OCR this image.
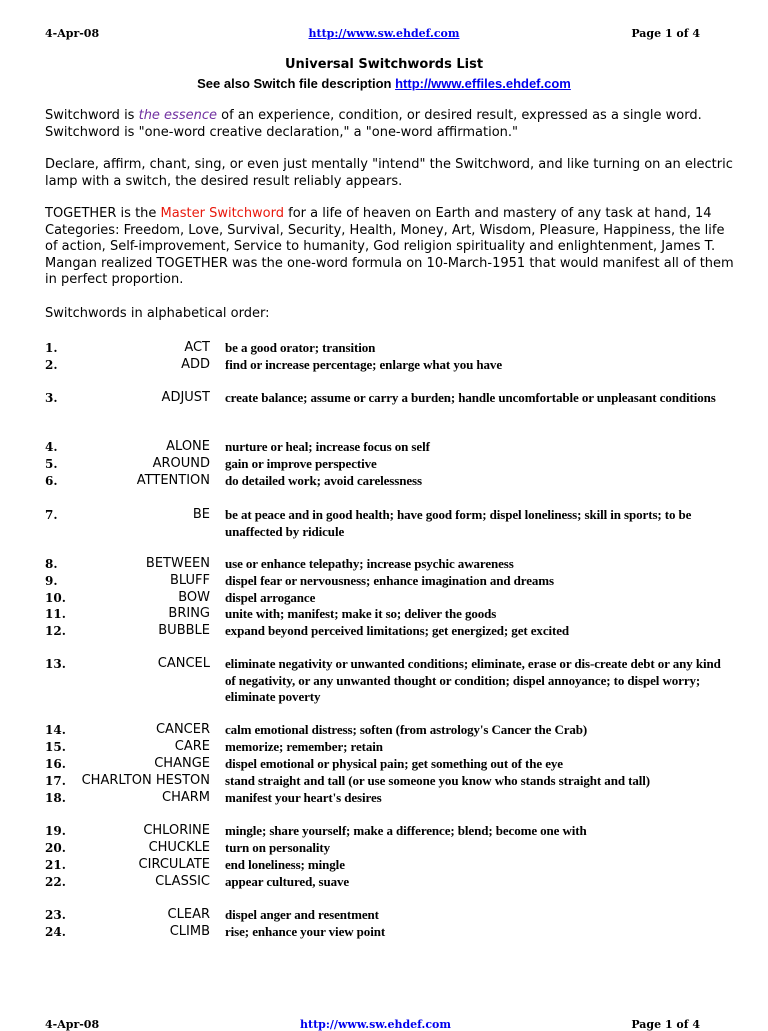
4-Apr-08	http://www.sw.ehdef.com	Page 1 of 4
Universal Switchwords List
See also Switch file description http://www.effiles.ehdef.com
Switchword is the essence of an experience, condition, or desired result, expressed as a single word.
Switchword is "one-word creative declaration," a "one-word affirmation."
Declare, affirm, chant, sing, or even just mentally "intend" the Switchword, and like turning on an electric lamp with a switch, the desired result reliably appears.
TOGETHER is the Master Switchword for a life of heaven on Earth and mastery of any task at hand, 14 Categories: Freedom, Love, Survival, Security, Health, Money, Art, Wisdom, Pleasure, Happiness, the life of action, Self-improvement, Service to humanity, God religion spirituality and enlightenment, James T. Mangan realized TOGETHER was the one-word formula on 10-March-1951 that would manifest all of them in perfect proportion.
Switchwords in alphabetical order:
1.	ACT be a good orator; transition
2.	ADD find or increase percentage; enlarge what you have
3.	ADJUST create balance; assume or carry a burden; handle uncomfortable or unpleasant conditions
4.	ALONE nurture or heal; increase focus on self
5.	AROUND gain or improve perspective
6.	ATTENTION do detailed work; avoid carelessness
7.	BE be at peace and in good health; have good form; dispel loneliness; skill in sports; to be unaffected by ridicule
8.	BETWEEN use or enhance telepathy; increase psychic awareness
9.	BLUFF dispel fear or nervousness; enhance imagination and dreams
10.	BOW dispel arrogance
11.	BRING unite with; manifest; make it so; deliver the goods
12.	BUBBLE expand beyond perceived limitations; get energized; get excited
13.	CANCEL eliminate negativity or unwanted conditions; eliminate, erase or dis-create debt or any kind of negativity, or any unwanted thought or condition; dispel annoyance; to dispel worry; eliminate poverty
14.	CANCER calm emotional distress; soften (from astrology's Cancer the Crab)
15.	CARE memorize; remember; retain
16.	CHANGE dispel emotional or physical pain; get something out of the eye
17. CHARLTON HESTON stand straight and tall (or use someone you know who stands straight and tall)
18.	CHARM manifest your heart's desires
19.	CHLORINE mingle; share yourself; make a difference; blend; become one with
20.	CHUCKLE turn on personality
21.	CIRCULATE end loneliness; mingle
22.	CLASSIC appear cultured, suave
23.	CLEAR dispel anger and resentment
24.	CLIMB rise; enhance your view point
4-Apr-08	http://www.sw.ehdef.com	Page 1 of 4
